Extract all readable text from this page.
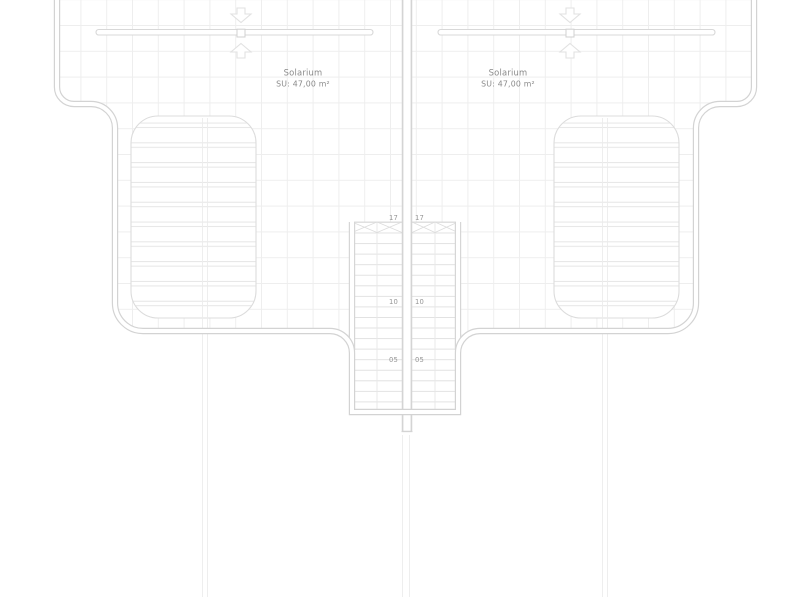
Solarium
SU: 47,00 m²
Solarium
SU: 47,00 m²
17
10
05
17
10
05
